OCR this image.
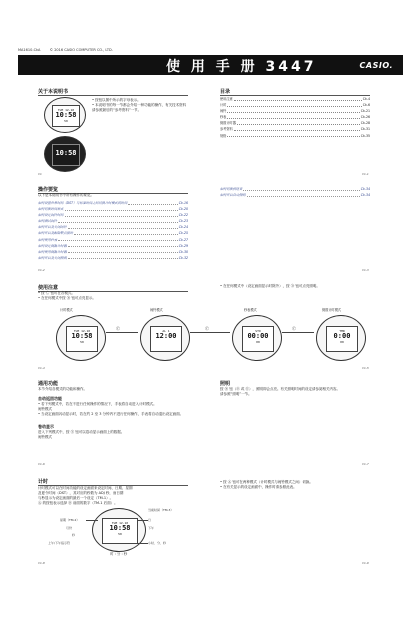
MA1610-CkA	© 2016 CASIO COMPUTER CO., LTD.
使 用 手 册 3447	CASIO.
关于本说明书
• 按钮以图中所示的字母表示。
• 本说明书的每一节都会介绍一种功能的操作，有关技术资料
请参照最后的“参考资料”一节。
TUE 12-10
10:58
50
10:58
Ck
目录
使用注意	Ck-4
计时	Ck-6
闹铃	Ck-21
秒表	Ck-26
倒数计时器	Ck-28
参考资料	Ck-31
规格	Ck-35
Ck-1
操作要览
以下是本说明书中所有操作的要览。
如何设置世界时间（DST）与标准时间之间切换计时模式的时间	Ck-16
如何切换时间格式	Ck-20
如何设定闹铃时间	Ck-22
如何测试闹铃	Ck-23
如何开启及关闭闹铃	Ck-24
如何开启及解除整点报时	Ck-25
如何使用秒表	Ck-27
如何设定倒数计时器	Ck-29
如何使用倒数计时器	Ck-30
如何开启及关闭照明	Ck-32
Ck-2
如何切换按钮音	Ck-34
如何开启自动照明	Ck-34
Ck-3
使用注意
• 按 Ⓒ 钮可在各模式。
• 在任何模式中按 Ⓑ 钮可点亮显示。
计时模式	闹铃模式	秒表模式	倒数计时模式
TUE 12-10
10:58
50
AL 1
12:00
STO
00:00
00
TMR
0:00
00
Ⓒ	Ⓒ	Ⓒ
Ck-4
• 在任何模式中（设定画面显示时除外），按 Ⓓ 钮可点亮照明。
Ck-5
通用功能
本节介绍各模式的功能和操作。
自动返回功能
• 若下列模式中，若在不进行任何操作的情况下，手表将自动进入计时模式。
闹铃模式
• 当设定画面闪动显示时，若在约 2 至 3 分钟内不进行任何操作，手表将自动退出设定画面。
卷动显示
进入下列模式中，按 Ⓔ 钮可以卷动显示画面上的数据。
闹铃模式
Ck-6
照明
按 Ⓑ 钮（Ⓓ 或 Ⓔ），照明即会点亮。有关照明时间的设定请参阅相关内容。
请参照“照明”一节。
Ck-7
计时
计时模式可以在时间功能的设定画面来设定时间、日期、星期
及夏令时间（DST），其对应的秒数为 ADJ 秒，而日期
与秒显示为设定画面的最后一个设定（TM-1）。
Ⓐ 的按钮表示选择 Ⓑ 前面的数字（TM-1 后面）。
TUE 12-10
10:58
50
星期（TM-2）
月份
秒
上午/下午指示符
当前时间（TM-3）
日
下午
小时、分、秒
时 : 分 : 秒
Ck-8
• 按 Ⓐ 钮可在两种模式（计时模式与闹铃模式之间）切换。
• 在有关显示的设定画面中，操作时请参照此表。
Ck-9
